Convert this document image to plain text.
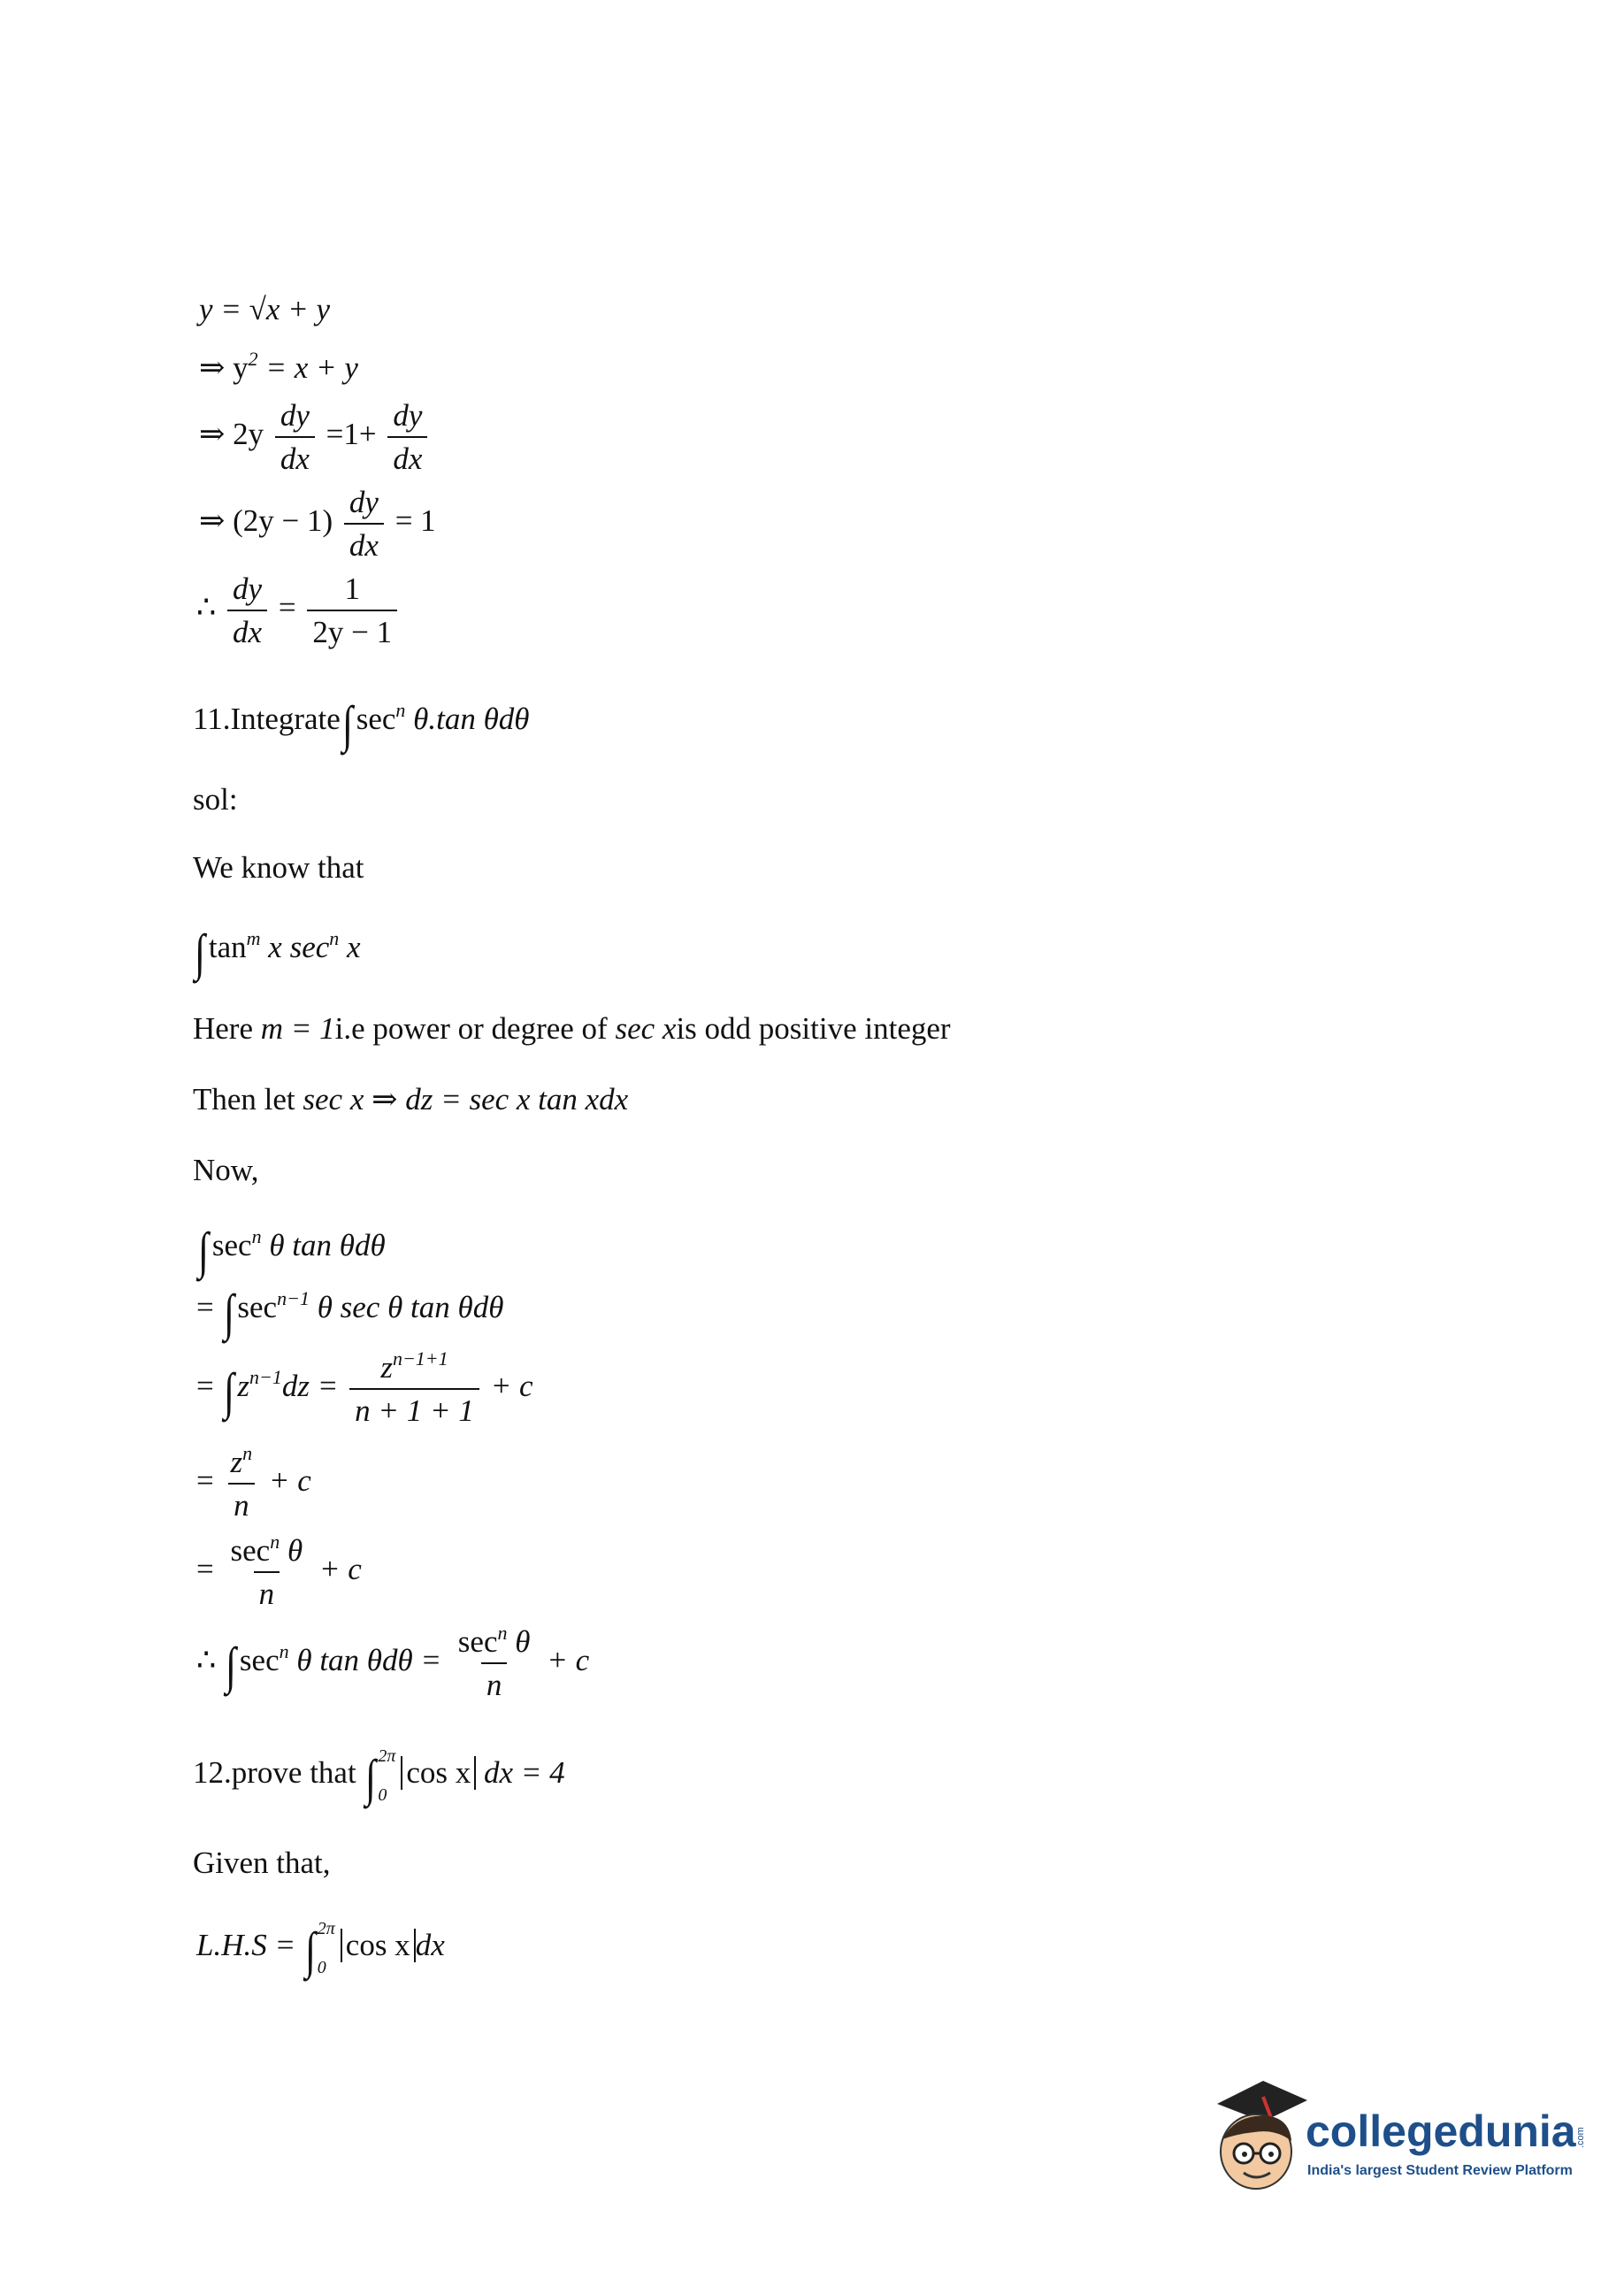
y = √x + y
⇒ $y^2 = x + y$
⇒ $2y \frac{dy}{dx} =1+ \frac{dy}{dx}$
⇒ $(2y - 1) \frac{dy}{dx} = 1$
∴ $\frac{dy}{dx} = \frac{1}{2y - 1}$
11.Integrate∫ $\sec^n \theta.\tan$ θdθ
sol:
We know that
∫ $\tan^m x$ $\sec^n x$
Here m = 1i.e power or degree of sec xis odd positive integer
Then let sec x ⇒ dz = sec x tan xdx
Now,
∫ $\sec^n \theta$ tan θdθ
= ∫ $\sec^{n-1} \theta$ sec θ tan θdθ
= ∫ $z^{n-1}dz = \frac{z^{n-1+1}}{n + 1 + 1} + c$
= $\frac{z^n}{n} + c$
= $\frac{\sec^n \theta}{n} + c$
∴ ∫ $\sec^n \theta$ $\tan \theta d\theta = \frac{\sec^n \theta}{n} + c$
12.prove that ∫ 2π
0
cos x dx = 4
Given that,
L.H.S = ∫ 2π
0
cos x dx
collegedunia .com
India's largest Student Review Platform
